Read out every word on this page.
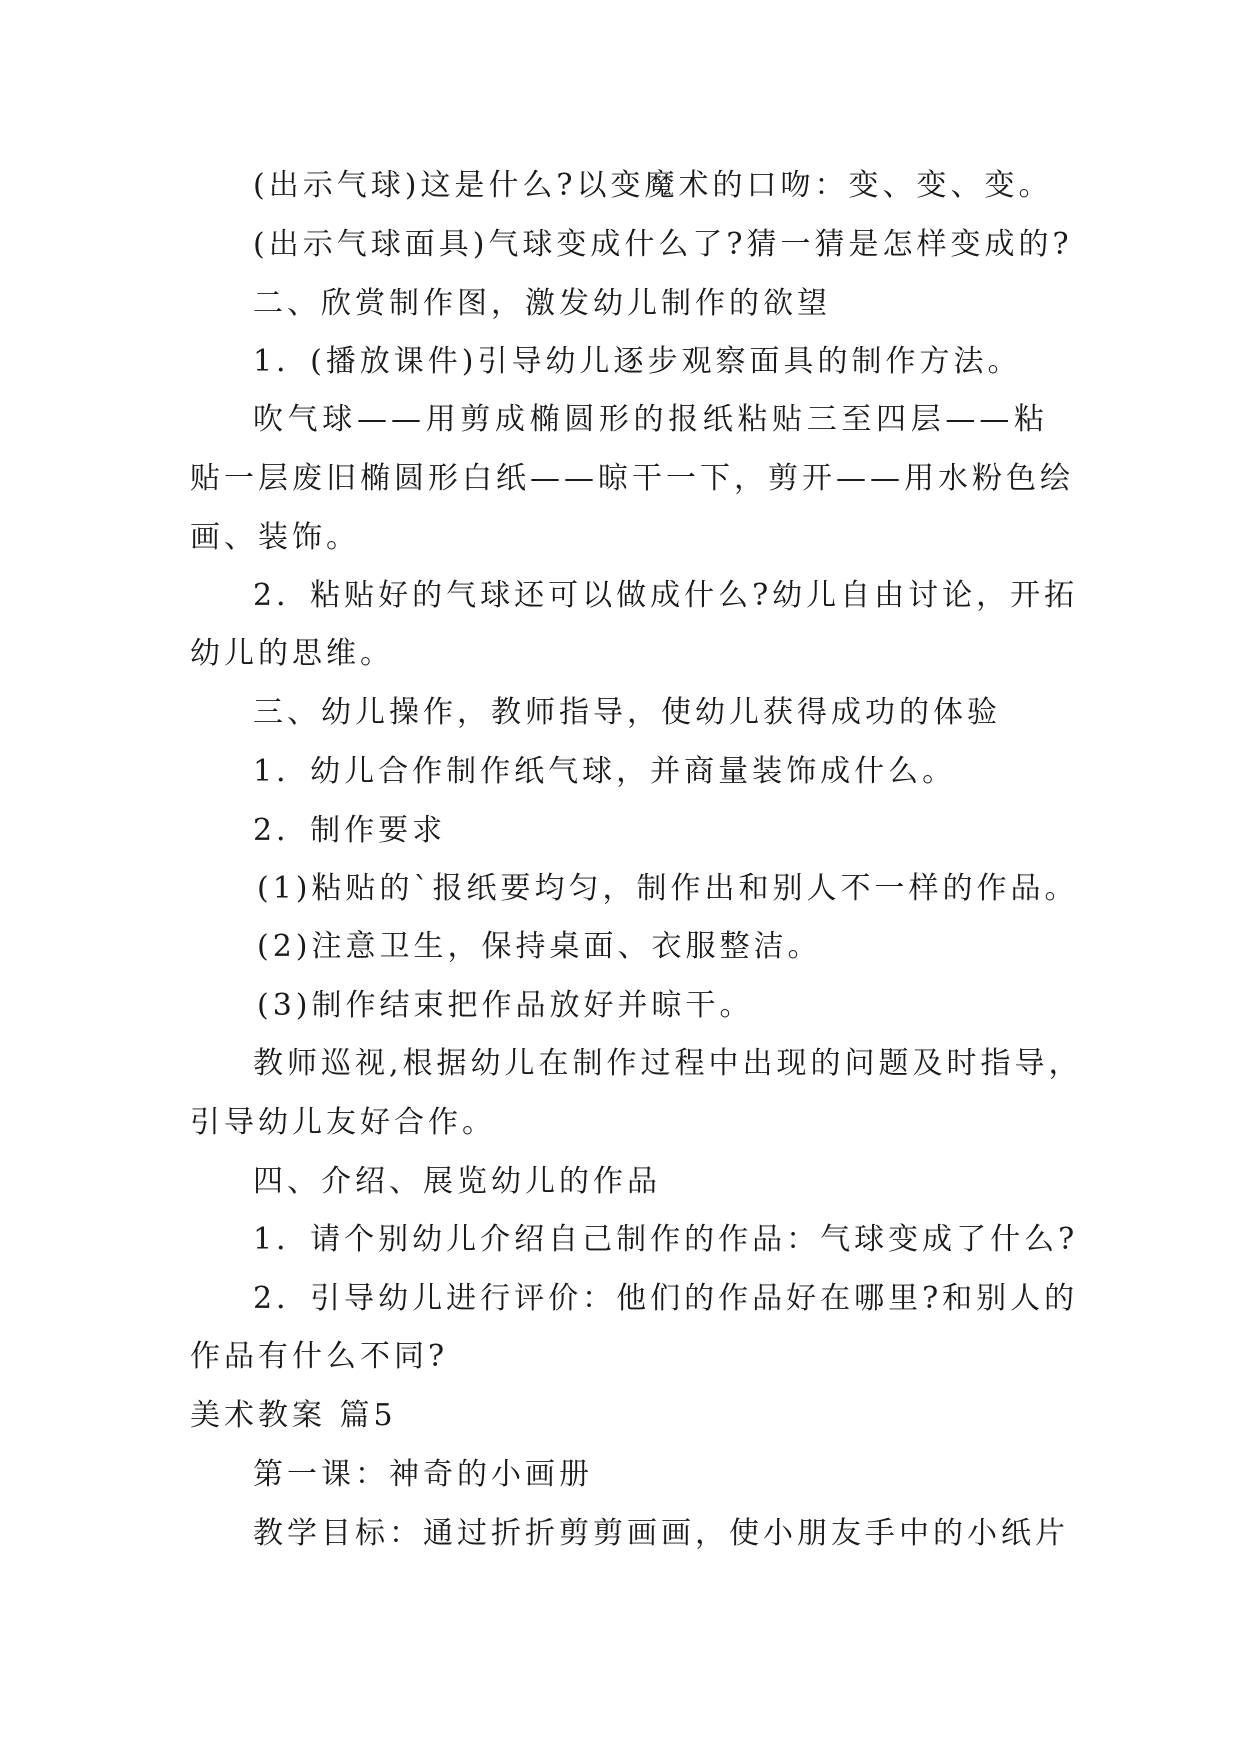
(出示气球)这是什么?以变魔术的口吻：变、变、变。
(出示气球面具)气球变成什么了?猜一猜是怎样变成的?
二、欣赏制作图，激发幼儿制作的欲望
1．(播放课件)引导幼儿逐步观察面具的制作方法。
吹气球——用剪成椭圆形的报纸粘贴三至四层——粘
贴一层废旧椭圆形白纸——晾干一下，剪开——用水粉色绘
画、装饰。
2．粘贴好的气球还可以做成什么?幼儿自由讨论，开拓
幼儿的思维。
三、幼儿操作，教师指导，使幼儿获得成功的体验
1．幼儿合作制作纸气球，并商量装饰成什么。
2．制作要求
(1)粘贴的`报纸要均匀，制作出和别人不一样的作品。
(2)注意卫生，保持桌面、衣服整洁。
(3)制作结束把作品放好并晾干。
教师巡视,根据幼儿在制作过程中出现的问题及时指导，
引导幼儿友好合作。
四、介绍、展览幼儿的作品
1．请个别幼儿介绍自己制作的作品：气球变成了什么?
2．引导幼儿进行评价：他们的作品好在哪里?和别人的
作品有什么不同?
美术教案 篇5
第一课：神奇的小画册
教学目标：通过折折剪剪画画，使小朋友手中的小纸片
